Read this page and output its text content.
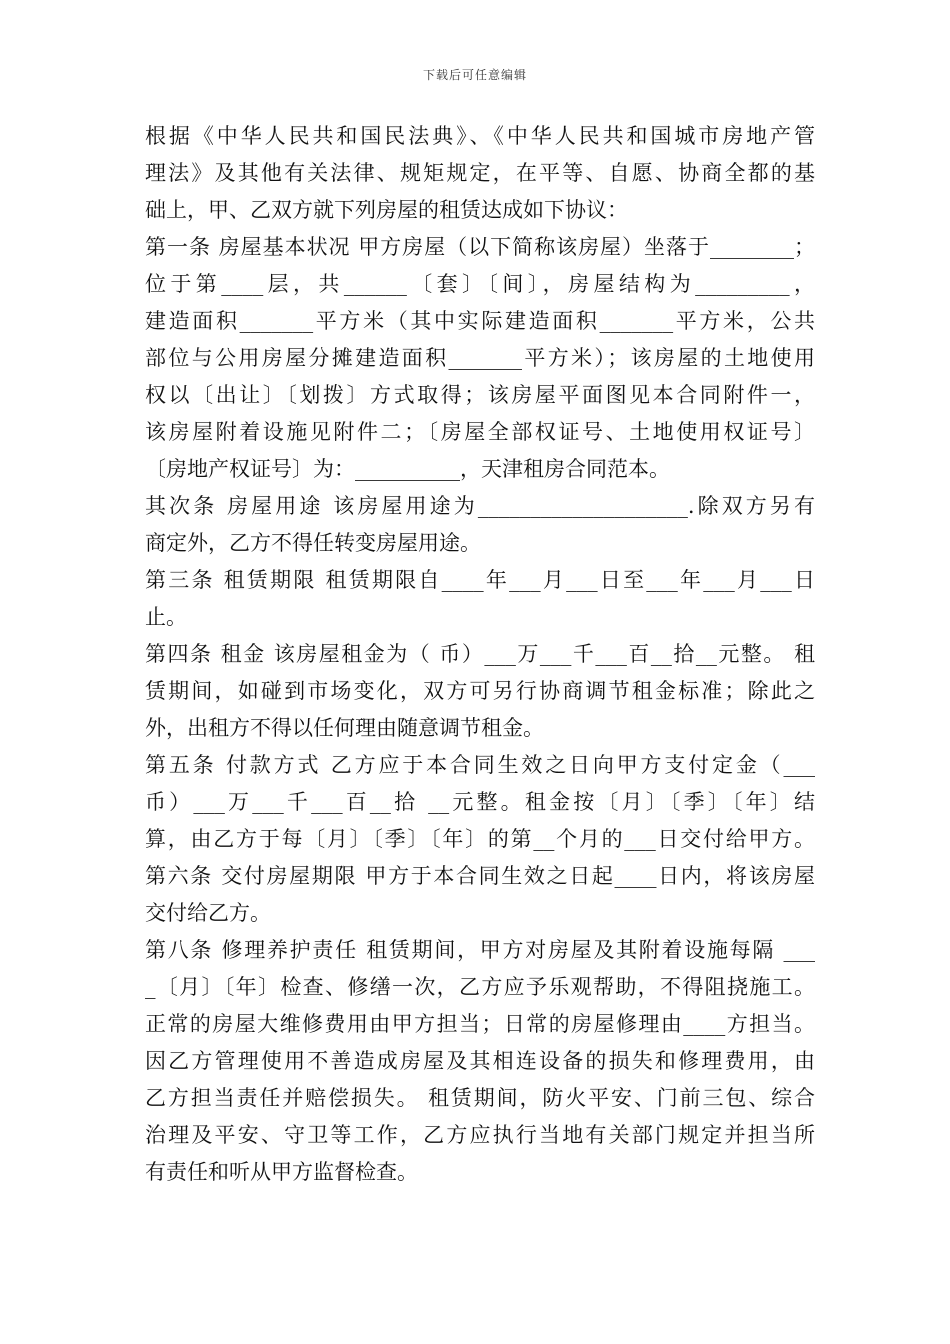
下载后可任意编辑
根据《中华人民共和国民法典》、《中华人民共和国城市房地产管
理法》及其他有关法律、规矩规定，在平等、自愿、协商全都的基
础上，甲、乙双方就下列房屋的租赁达成如下协议：
第一条 房屋基本状况 甲方房屋（以下简称该房屋）坐落于________；
位于第____层，共______〔套〕〔间〕，房屋结构为_________，
建造面积_______平方米（其中实际建造面积_______平方米，公共
部位与公用房屋分摊建造面积_______平方米）；该房屋的土地使用
权以〔出让〕〔划拨〕方式取得；该房屋平面图见本合同附件一，
该房屋附着设施见附件二；〔房屋全部权证号、土地使用权证号〕
〔房地产权证号〕为：__________，天津租房合同范本。
其次条 房屋用途 该房屋用途为____________________.除双方另有
商定外，乙方不得任转变房屋用途。
第三条 租赁期限 租赁期限自____年___月___日至___年___月___日
止。
第四条 租金 该房屋租金为（ 币）___万___千___百__拾__元整。 租
赁期间，如碰到市场变化，双方可另行协商调节租金标准；除此之
外，出租方不得以任何理由随意调节租金。
第五条 付款方式 乙方应于本合同生效之日向甲方支付定金（___
币）___万___千___百__拾 __元整。租金按〔月〕〔季〕〔年〕结
算，由乙方于每〔月〕〔季〕〔年〕的第__个月的___日交付给甲方。
第六条 交付房屋期限 甲方于本合同生效之日起____日内，将该房屋
交付给乙方。
第八条 修理养护责任 租赁期间，甲方对房屋及其附着设施每隔 ___
_〔月〕〔年〕检查、修缮一次，乙方应予乐观帮助，不得阻挠施工。
正常的房屋大维修费用由甲方担当；日常的房屋修理由____方担当。
因乙方管理使用不善造成房屋及其相连设备的损失和修理费用，由
乙方担当责任并赔偿损失。 租赁期间，防火平安、门前三包、综合
治理及平安、守卫等工作，乙方应执行当地有关部门规定并担当所
有责任和听从甲方监督检查。
